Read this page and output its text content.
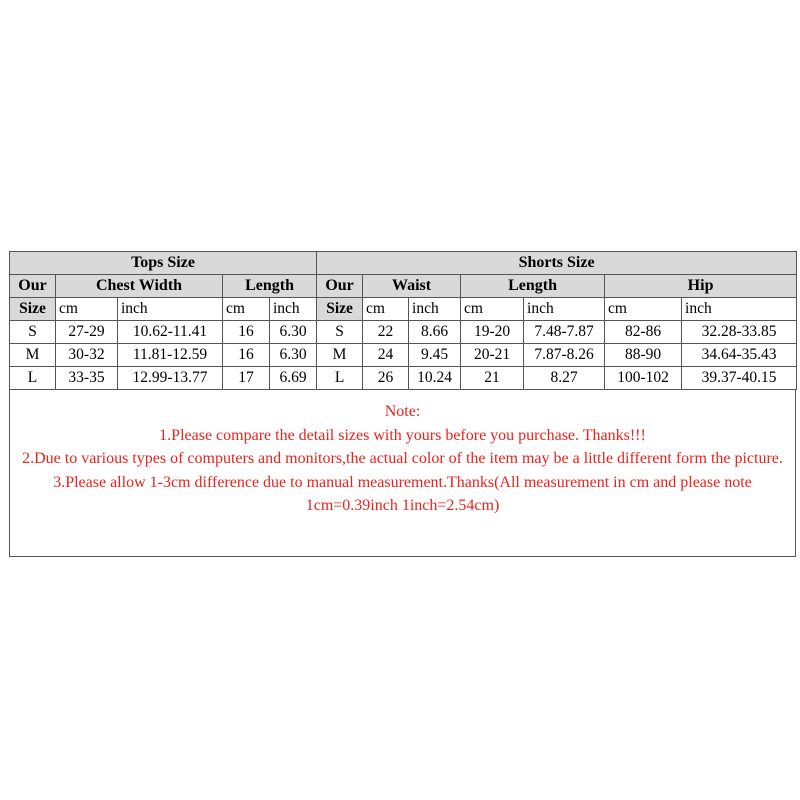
Tops Size					Shorts Size						
Our	Chest Width		Length		Our	Waist		Length		Hip	
Size	cm	inch	cm	inch	Size	cm	inch	cm	inch	cm	inch
S	27-29	10.62-11.41	16	6.30	S	22	8.66	19-20	7.48-7.87	82-86	32.28-33.85
M	30-32	11.81-12.59	16	6.30	M	24	9.45	20-21	7.87-8.26	88-90	34.64-35.43
L	33-35	12.99-13.77	17	6.69	L	26	10.24	21	8.27	100-102	39.37-40.15

Note:

1.Please compare the detail sizes with yours before you purchase. Thanks!!!

2.Due to various types of computers and monitors,the actual color of the item may be a little different form the picture.

3.Please allow 1-3cm difference due to manual measurement.Thanks(All measurement in cm and please note 1cm=0.39inch 1inch=2.54cm)
